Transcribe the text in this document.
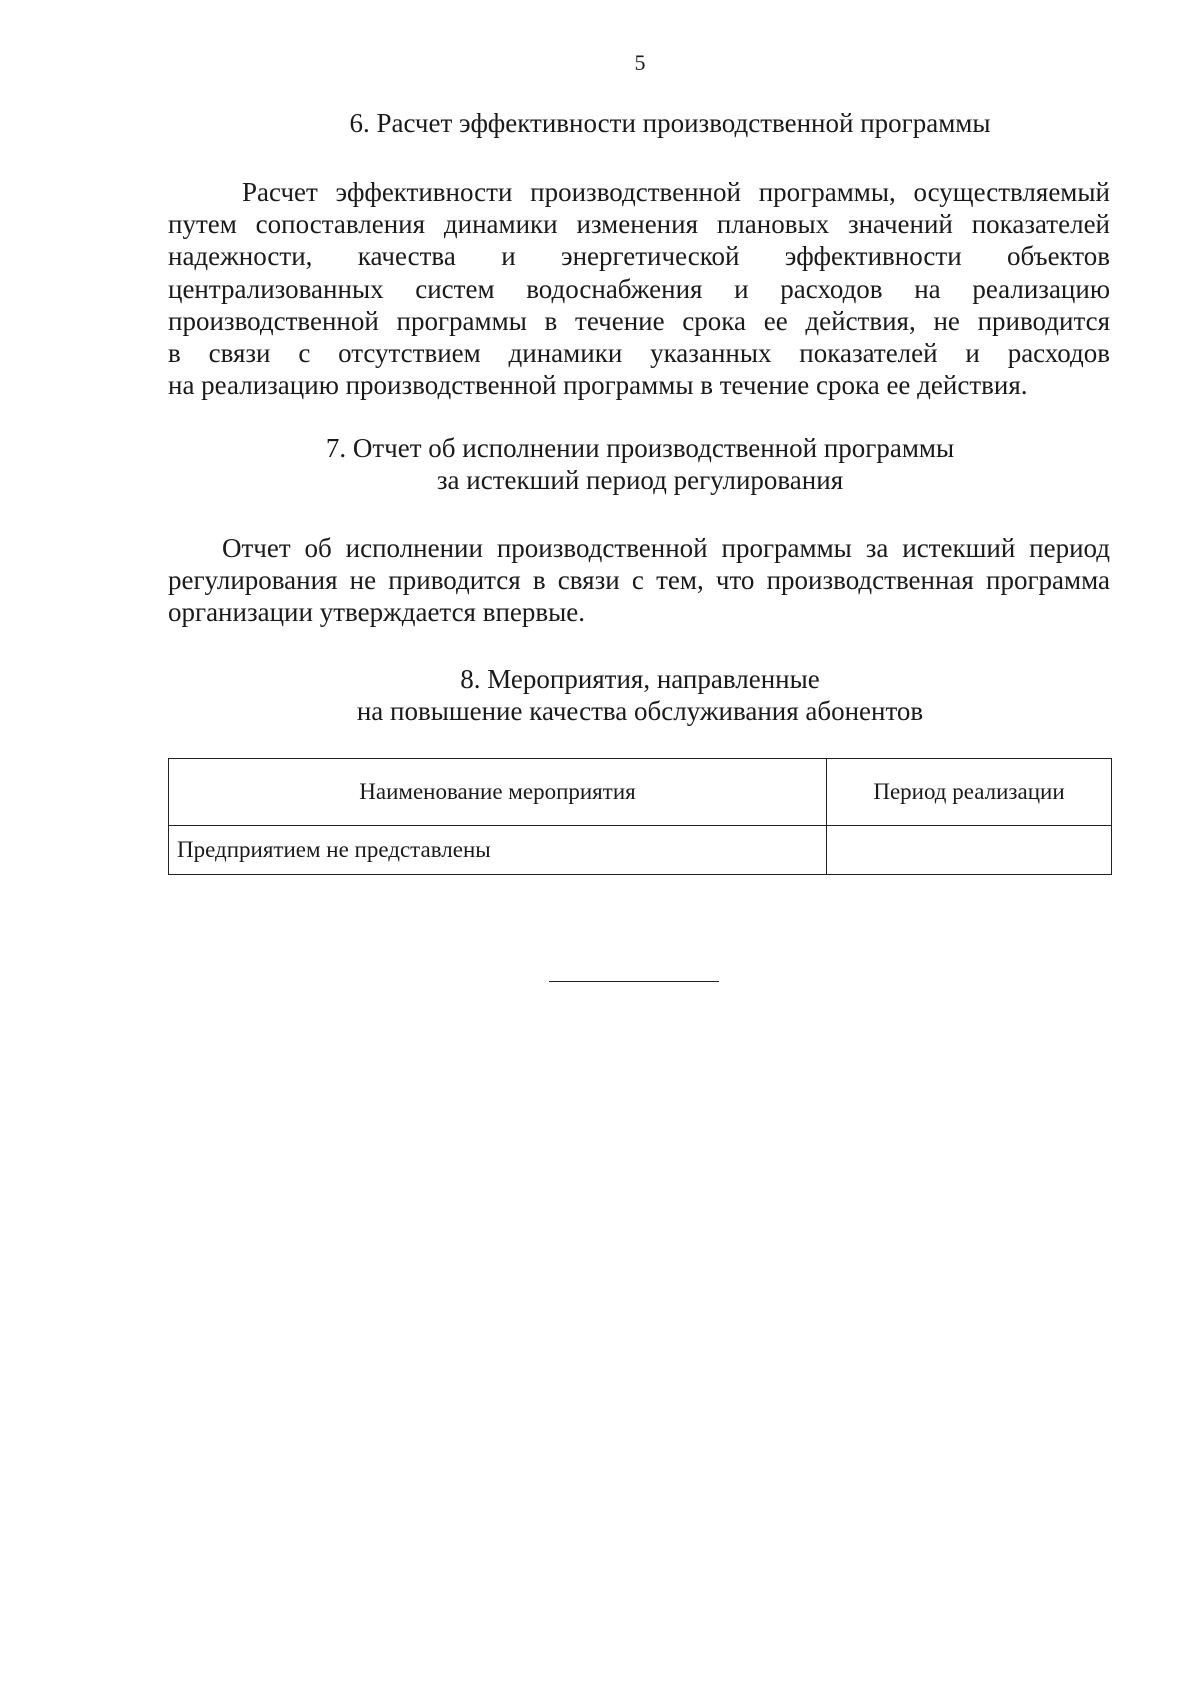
5
6. Расчет эффективности производственной программы
Расчет эффективности производственной программы, осуществляемый
путем сопоставления динамики изменения плановых значений показателей
надежности, качества и энергетической эффективности объектов
централизованных систем водоснабжения и расходов на реализацию
производственной программы в течение срока ее действия, не приводится
в связи с отсутствием динамики указанных показателей и расходов
на реализацию производственной программы в течение срока ее действия.
7. Отчет об исполнении производственной программы
за истекший период регулирования
Отчет об исполнении производственной программы за истекший период
регулирования не приводится в связи с тем, что производственная программа
организации утверждается впервые.
8. Мероприятия, направленные
на повышение качества обслуживания абонентов
Наименование мероприятия	Период реализации
Предприятием не представлены	
